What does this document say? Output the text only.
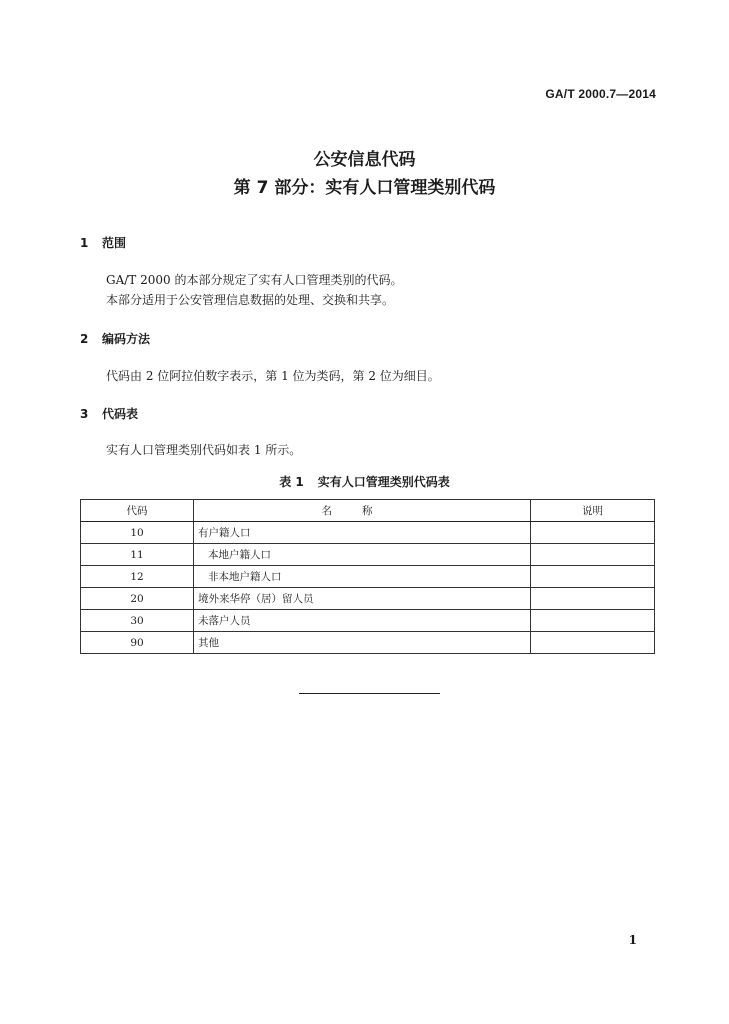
GA/T 2000.7—2014
公安信息代码
第 7 部分：实有人口管理类别代码
1 范围
GA/T 2000 的本部分规定了实有人口管理类别的代码。
本部分适用于公安管理信息数据的处理、交换和共享。
2 编码方法
代码由 2 位阿拉伯数字表示，第 1 位为类码，第 2 位为细目。
3 代码表
实有人口管理类别代码如表 1 所示。
表 1 实有人口管理类别代码表
代码	名称	说明
10	有户籍人口	
11	本地户籍人口	
12	非本地户籍人口	
20	境外来华停（居）留人员	
30	未落户人员	
90	其他	
1
